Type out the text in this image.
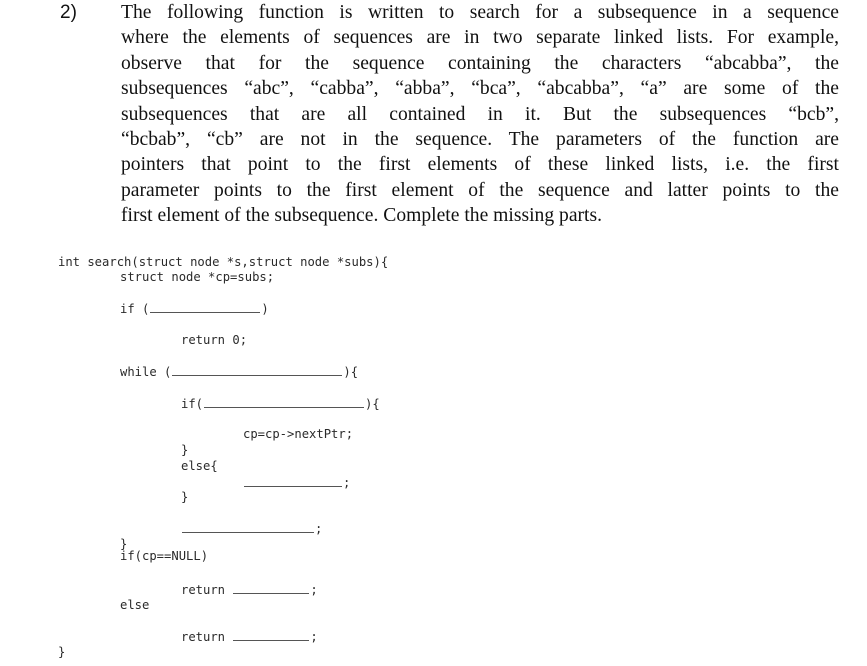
2) The following function is written to search for a subsequence in a sequence
where the elements of sequences are in two separate linked lists. For example,
observe that for the sequence containing the characters “abcabba”, the
subsequences “abc”, “cabba”, “abba”, “bca”, “abcabba”, “a” are some of the
subsequences that are all contained in it. But the subsequences “bcb”,
“bcbab”, “cb” are not in the sequence. The parameters of the function are
pointers that point to the first elements of these linked lists, i.e. the first
parameter points to the first element of the sequence and latter points to the
first element of the subsequence. Complete the missing parts.
int search(struct node *s,struct node *subs){
struct node *cp=subs;
if (	)
return 0;
while (	){
if(	){
cp=cp->nextPtr;
}
else{
;
}
;
}
if(cp==NULL)
return	;
else
return	;
}
